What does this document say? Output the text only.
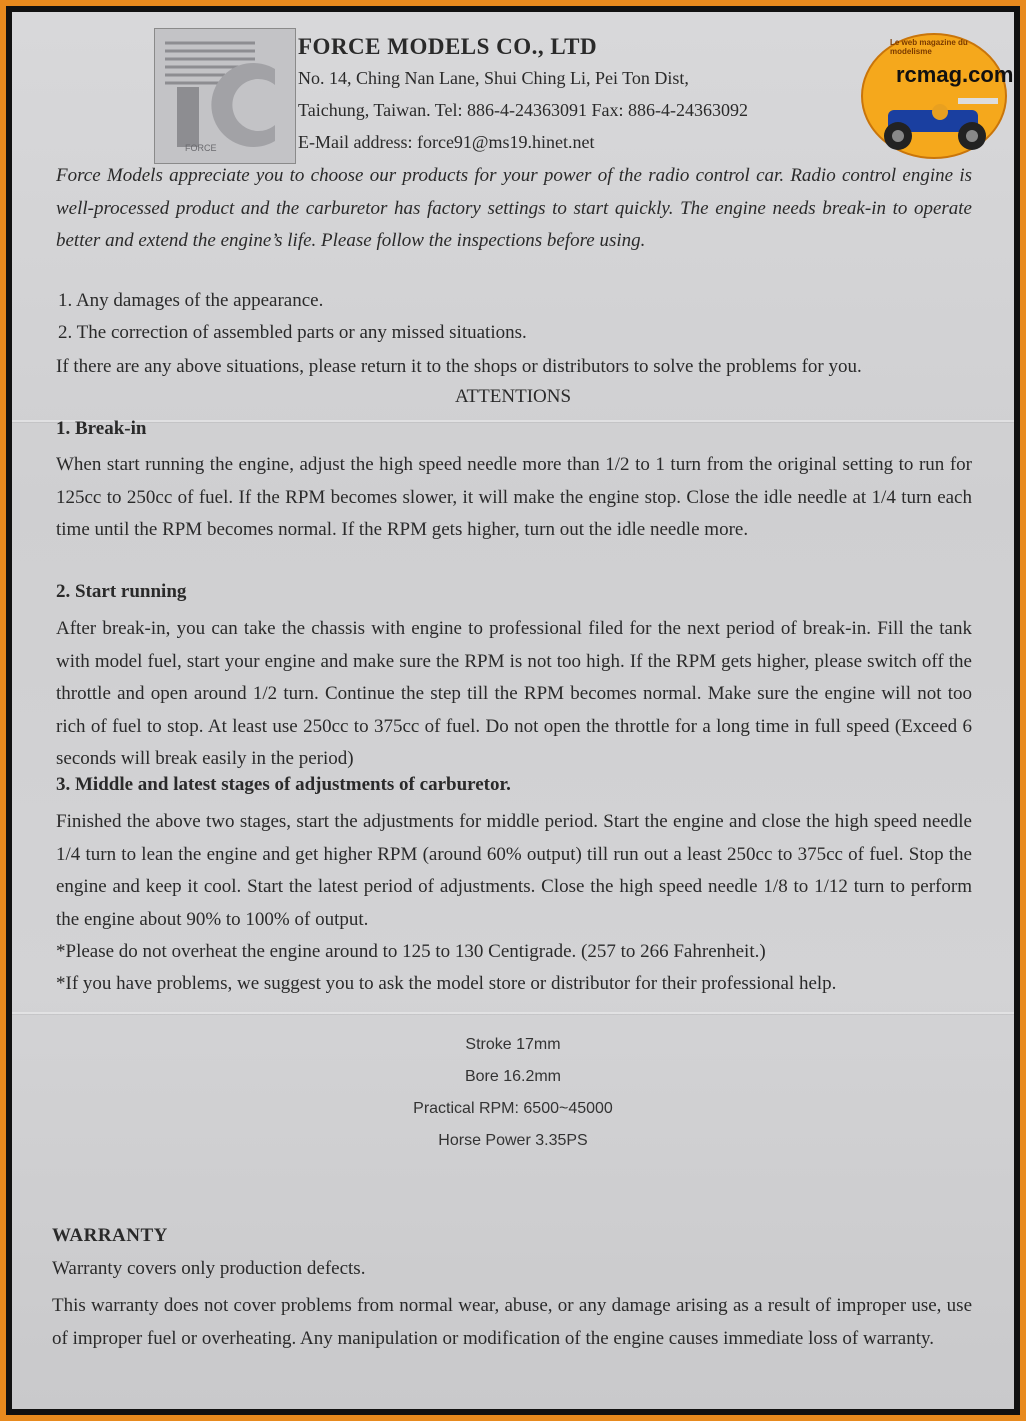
FORCE
FORCE MODELS CO., LTD
No. 14, Ching Nan Lane, Shui Ching Li, Pei Ton Dist,
Taichung, Taiwan. Tel: 886-4-24363091 Fax: 886-4-24363092
E-Mail address: force91@ms19.hinet.net
rcmag.com
Le web magazine du modelisme
Force Models appreciate you to choose our products for your power of the radio control car. Radio control engine is well-processed product and the carburetor has factory settings to start quickly. The engine needs break-in to operate better and extend the engine’s life. Please follow the inspections before using.
1. Any damages of the appearance.
2. The correction of assembled parts or any missed situations.
If there are any above situations, please return it to the shops or distributors to solve the problems for you.
ATTENTIONS
1. Break-in
When start running the engine, adjust the high speed needle more than 1/2 to 1 turn from the original setting to run for 125cc to 250cc of fuel. If the RPM becomes slower, it will make the engine stop. Close the idle needle at 1/4 turn each time until the RPM becomes normal. If the RPM gets higher, turn out the idle needle more.
2. Start running
After break-in, you can take the chassis with engine to professional filed for the next period of break-in. Fill the tank with model fuel, start your engine and make sure the RPM is not too high. If the RPM gets higher, please switch off the throttle and open around 1/2 turn. Continue the step till the RPM becomes normal. Make sure the engine will not too rich of fuel to stop. At least use 250cc to 375cc of fuel. Do not open the throttle for a long time in full speed (Exceed 6 seconds will break easily in the period)
3. Middle and latest stages of adjustments of carburetor.
Finished the above two stages, start the adjustments for middle period. Start the engine and close the high speed needle 1/4 turn to lean the engine and get higher RPM (around 60% output) till run out a least 250cc to 375cc of fuel. Stop the engine and keep it cool. Start the latest period of adjustments. Close the high speed needle 1/8 to 1/12 turn to perform the engine about 90% to 100% of output.
*Please do not overheat the engine around to 125 to 130 Centigrade. (257 to 266 Fahrenheit.)
*If you have problems, we suggest you to ask the model store or distributor for their professional help.
Stroke 17mm
Bore 16.2mm
Practical RPM: 6500~45000
Horse Power 3.35PS
WARRANTY
Warranty covers only production defects.
This warranty does not cover problems from normal wear, abuse, or any damage arising as a result of improper use, use of improper fuel or overheating. Any manipulation or modification of the engine causes immediate loss of warranty.
